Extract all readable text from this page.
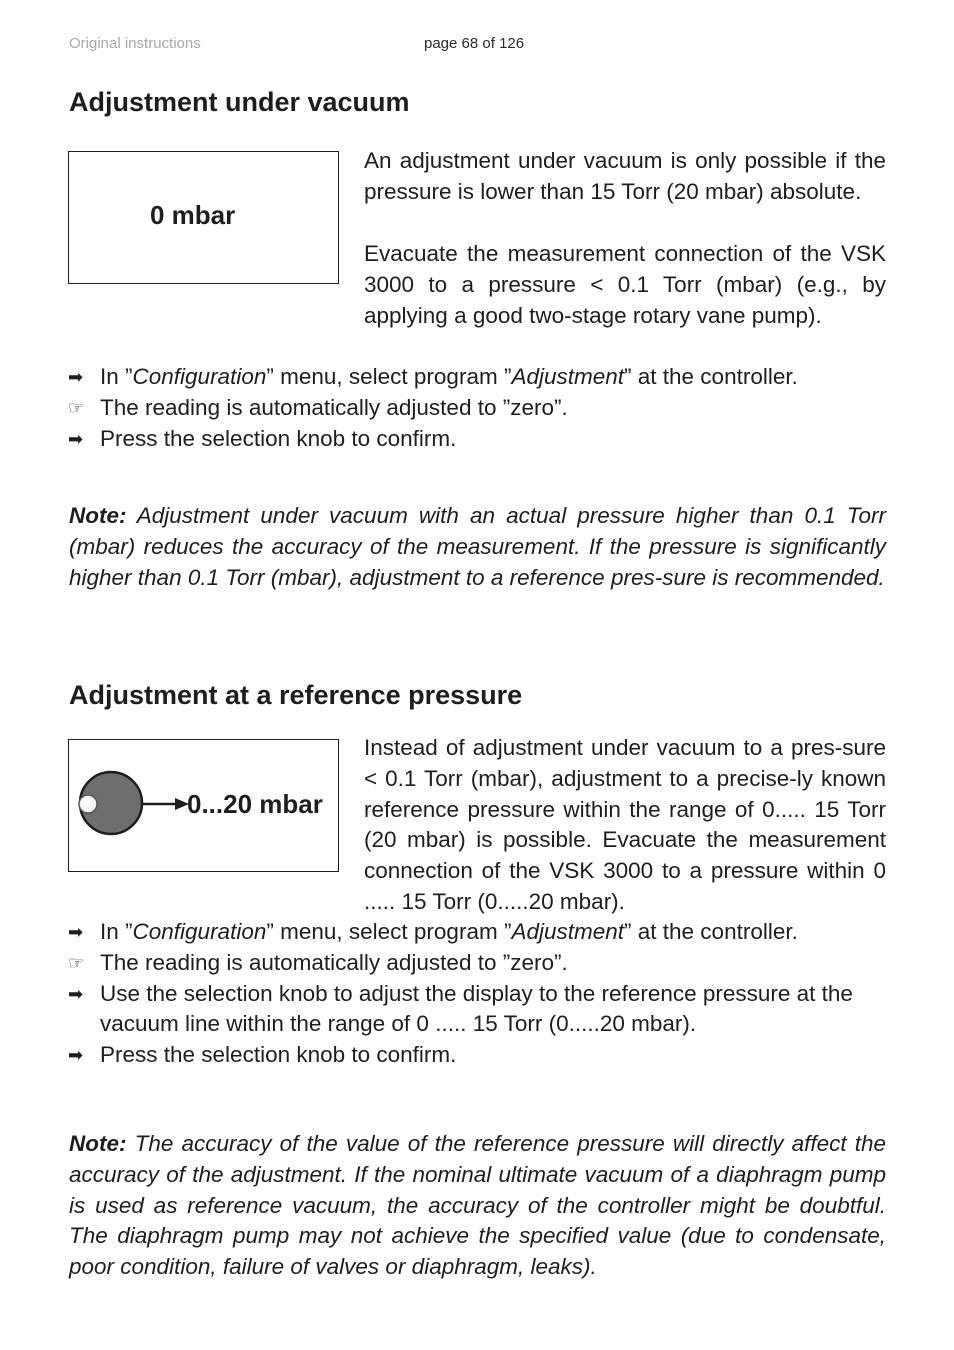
Original instructions	page 68 of 126
Adjustment under vacuum
0 mbar

An adjustment under vacuum is only possible if the pressure is lower than 15 Torr (20 mbar) absolute.

Evacuate the measurement connection of the VSK 3000 to a pressure < 0.1 Torr (mbar) (e.g., by applying a good two-stage rotary vane pump).

➡ In ”Configuration” menu, select program ”Adjustment” at the controller.
☞ The reading is automatically adjusted to ”zero”.
➡ Press the selection knob to confirm.

Note: Adjustment under vacuum with an actual pressure higher than 0.1 Torr (mbar) reduces the accuracy of the measurement. If the pressure is significantly higher than 0.1 Torr (mbar), adjustment to a reference pres-sure is recommended.

Adjustment at a reference pressure
0...20 mbar

Instead of adjustment under vacuum to a pres-sure < 0.1 Torr (mbar), adjustment to a precise-ly known reference pressure within the range of 0..... 15 Torr (20 mbar) is possible. Evacuate the measurement connection of the VSK 3000 to a pressure within 0 ..... 15 Torr (0.....20 mbar).

➡ In ”Configuration” menu, select program ”Adjustment” at the controller.
☞ The reading is automatically adjusted to ”zero”.
➡ Use the selection knob to adjust the display to the reference pressure at the vacuum line within the range of 0 ..... 15 Torr (0.....20 mbar).
➡ Press the selection knob to confirm.

Note: The accuracy of the value of the reference pressure will directly affect the accuracy of the adjustment. If the nominal ultimate vacuum of a diaphragm pump is used as reference vacuum, the accuracy of the controller might be doubtful. The diaphragm pump may not achieve the specified value (due to condensate, poor condition, failure of valves or diaphragm, leaks).
